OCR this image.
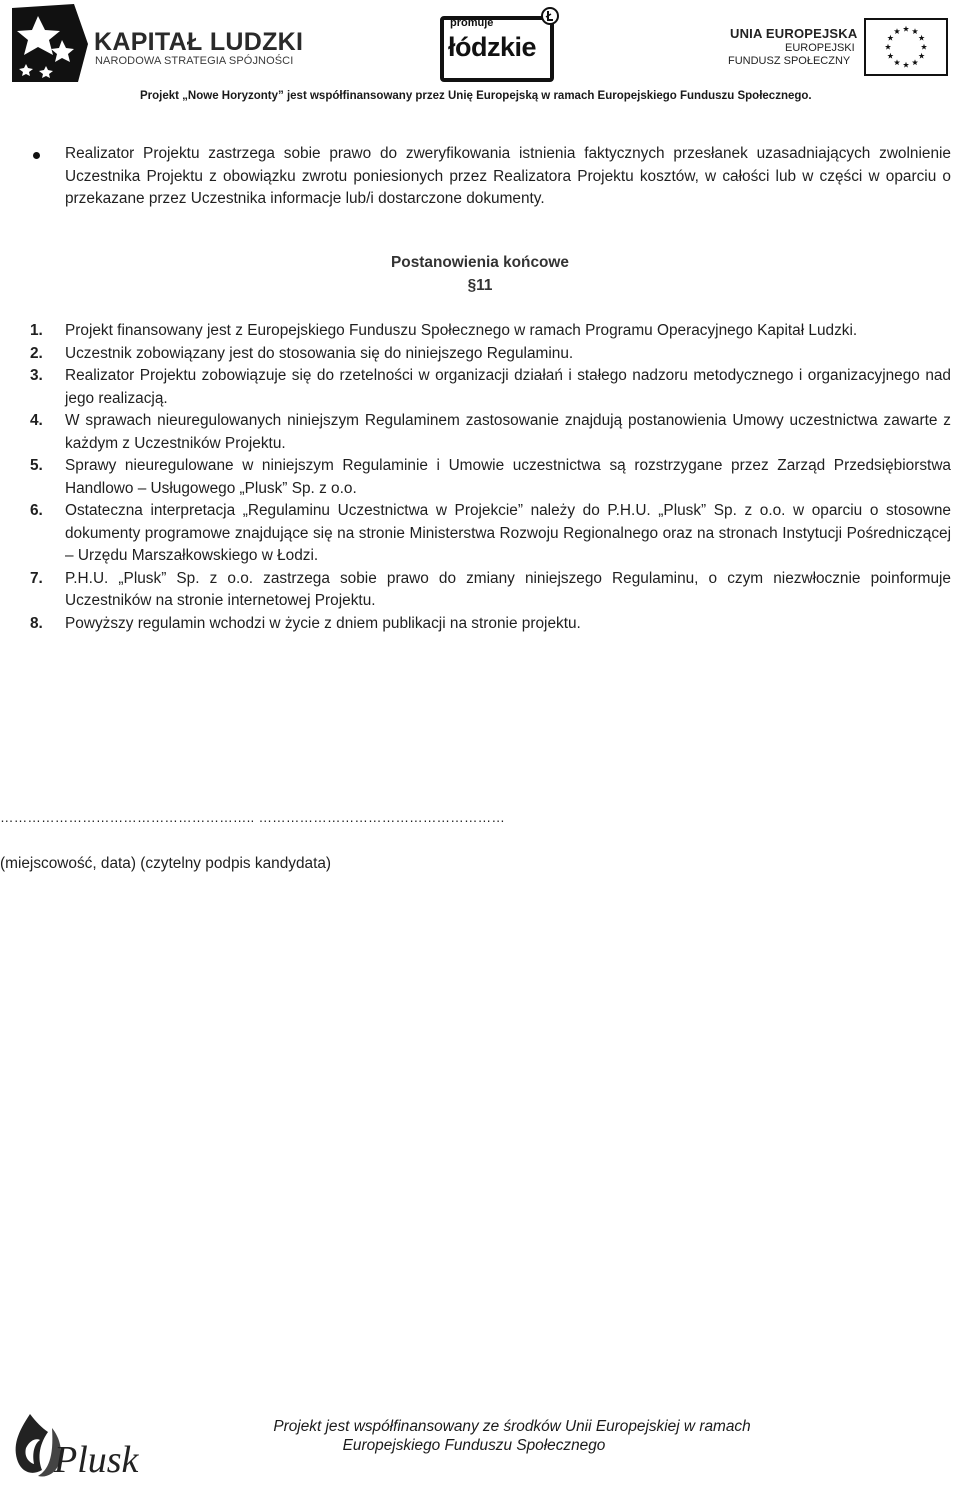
KAPITAŁ LUDZKI
NARODOWA STRATEGIA SPÓJNOŚCI
promuje
łódzkie	UNIA EUROPEJSKA
EUROPEJSKI
FUNDUSZ SPOŁECZNY
Projekt „Nowe Horyzonty” jest współfinansowany przez Unię Europejską w ramach Europejskiego Funduszu Społecznego.
Realizator Projektu zastrzega sobie prawo do zweryfikowania istnienia faktycznych przesłanek uzasadniających zwolnienie Uczestnika Projektu z obowiązku zwrotu poniesionych przez Realizatora Projektu kosztów, w całości lub w części w oparciu o przekazane przez Uczestnika informacje lub/i dostarczone dokumenty.
Postanowienia końcowe
§11
1.	Projekt finansowany jest z Europejskiego Funduszu Społecznego w ramach Programu Operacyjnego Kapitał Ludzki.
2.	Uczestnik zobowiązany jest do stosowania się do niniejszego Regulaminu.
3.	Realizator Projektu zobowiązuje się do rzetelności w organizacji działań i stałego nadzoru metodycznego i organizacyjnego nad jego realizacją.
4.	W sprawach nieuregulowanych niniejszym Regulaminem zastosowanie znajdują postanowienia Umowy uczestnictwa zawarte z każdym z Uczestników Projektu.
5.	Sprawy nieuregulowane w niniejszym Regulaminie i Umowie uczestnictwa są rozstrzygane przez Zarząd Przedsiębiorstwa Handlowo – Usługowego „Plusk” Sp. z o.o.
6.	Ostateczna interpretacja „Regulaminu Uczestnictwa w Projekcie” należy do P.H.U. „Plusk” Sp. z o.o. w oparciu o stosowne dokumenty programowe znajdujące się na stronie Ministerstwa Rozwoju Regionalnego oraz na stronach Instytucji Pośredniczącej – Urzędu Marszałkowskiego w Łodzi.
7.	P.H.U. „Plusk” Sp. z o.o. zastrzega sobie prawo do zmiany niniejszego Regulaminu, o czym niezwłocznie poinformuje Uczestników na stronie internetowej Projektu.
8.	Powyższy regulamin wchodzi w życie z dniem publikacji na stronie projektu.
……………………………………………….. ………………………………………………
(miejscowość, data) (czytelny podpis kandydata)
Plusk
Projekt jest współfinansowany ze środków Unii Europejskiej w ramach
Europejskiego Funduszu Społecznego
